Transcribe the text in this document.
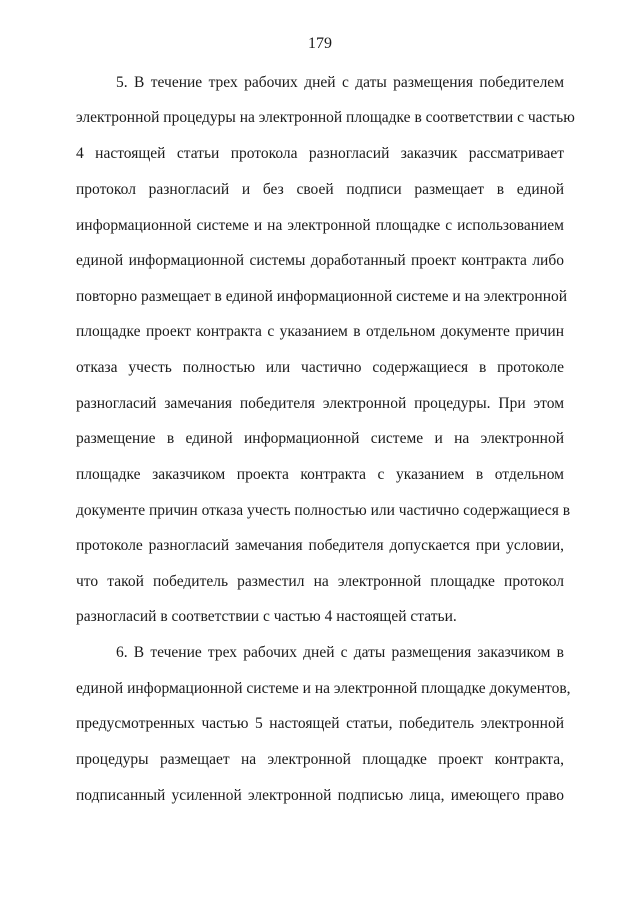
179
5. В течение трех рабочих дней с даты размещения победителем
электронной процедуры на электронной площадке в соответствии с частью
4 настоящей статьи протокола разногласий заказчик рассматривает
протокол разногласий и без своей подписи размещает в единой
информационной системе и на электронной площадке с использованием
единой информационной системы доработанный проект контракта либо
повторно размещает в единой информационной системе и на электронной
площадке проект контракта с указанием в отдельном документе причин
отказа учесть полностью или частично содержащиеся в протоколе
разногласий замечания победителя электронной процедуры. При этом
размещение в единой информационной системе и на электронной
площадке заказчиком проекта контракта с указанием в отдельном
документе причин отказа учесть полностью или частично содержащиеся в
протоколе разногласий замечания победителя допускается при условии,
что такой победитель разместил на электронной площадке протокол
разногласий в соответствии с частью 4 настоящей статьи.
6. В течение трех рабочих дней с даты размещения заказчиком в
единой информационной системе и на электронной площадке документов,
предусмотренных частью 5 настоящей статьи, победитель электронной
процедуры размещает на электронной площадке проект контракта,
подписанный усиленной электронной подписью лица, имеющего право
